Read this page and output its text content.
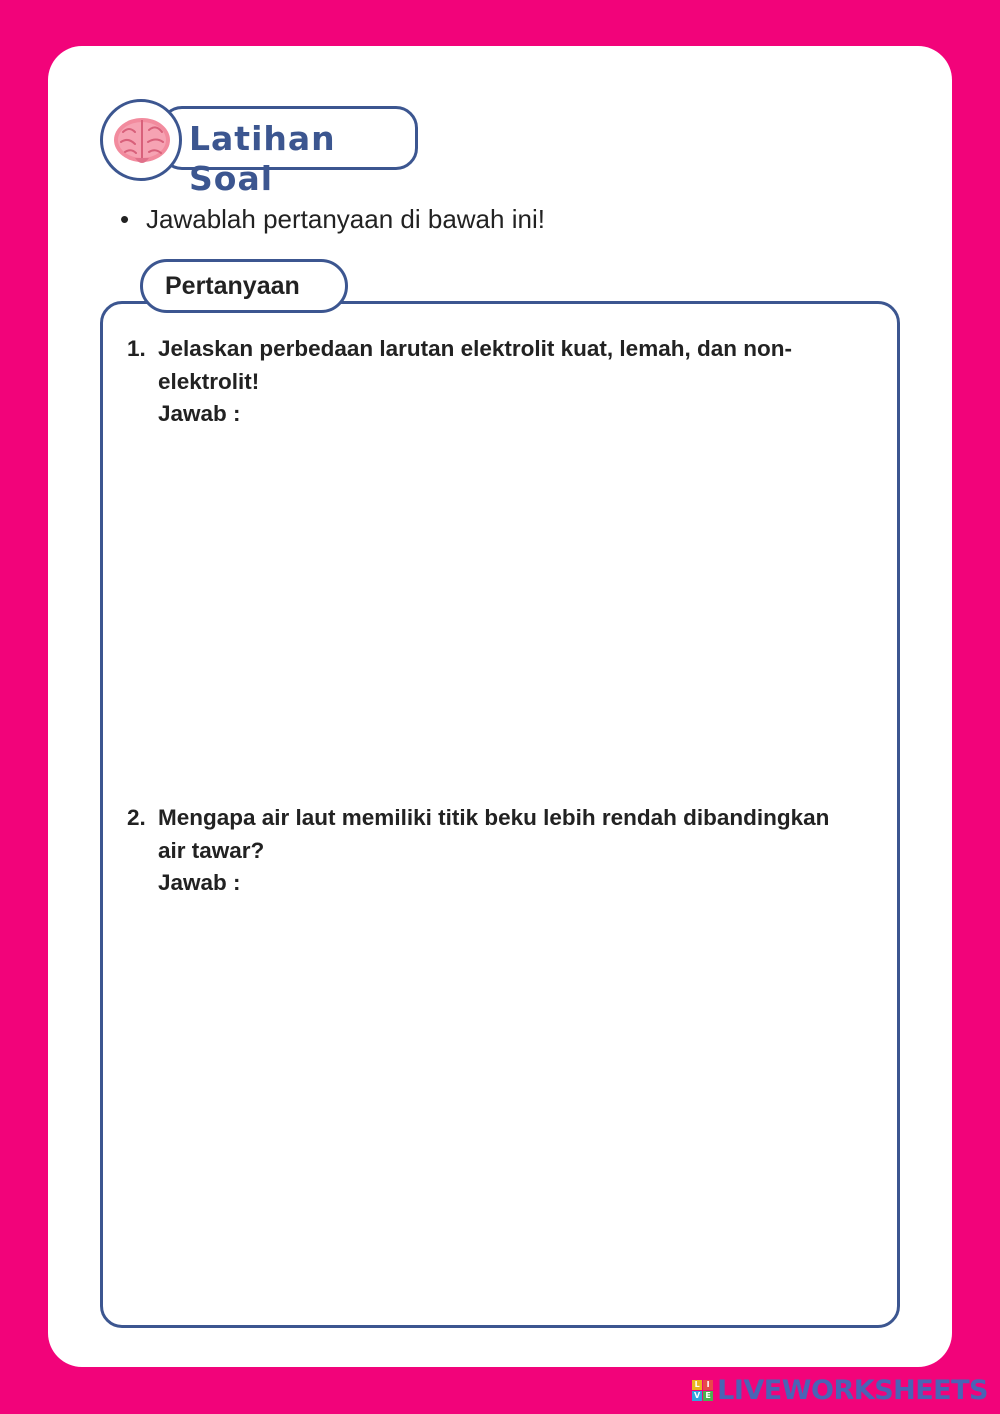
Latihan Soal
• Jawablah pertanyaan di bawah ini!
Pertanyaan
1. Jelaskan perbedaan larutan elektrolit kuat, lemah, dan non-
elektrolit!
Jawab :
2. Mengapa air laut memiliki titik beku lebih rendah dibandingkan
air tawar?
Jawab :
L I
V E LIVEWORKSHEETS
